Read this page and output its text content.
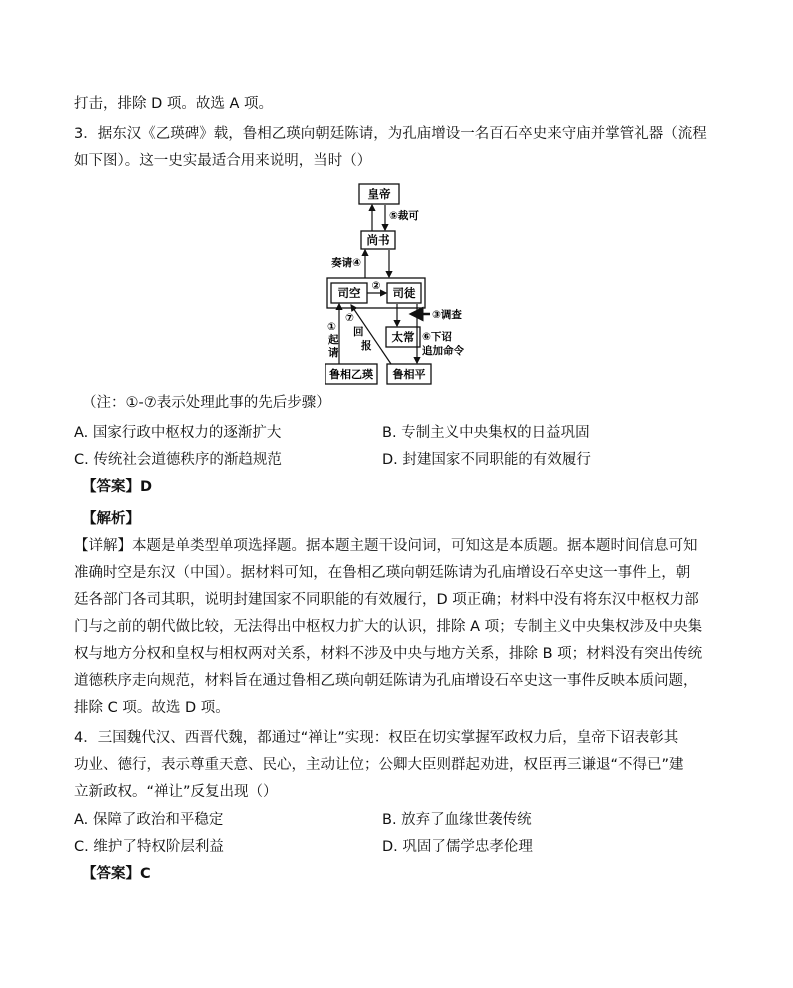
打击，排除 D 项。故选 A 项。
3．据东汉《乙瑛碑》载，鲁相乙瑛向朝廷陈请，为孔庙增设一名百石卒史来守庙并掌管礼器（流程
如下图）。这一史实最适合用来说明，当时（）
皇帝
尚书
司空	司徒
太常
鲁相乙瑛 鲁相平
⑤裁可
奏请④
②
③调查
⑥下诏
追加命令
① 起请
⑦回报
（注：①-⑦表示处理此事的先后步骤）
A. 国家行政中枢权力的逐渐扩大	B. 专制主义中央集权的日益巩固
C. 传统社会道德秩序的渐趋规范	D. 封建国家不同职能的有效履行
【答案】D
【解析】
【详解】本题是单类型单项选择题。据本题主题干设问词，可知这是本质题。据本题时间信息可知
准确时空是东汉（中国）。据材料可知，在鲁相乙瑛向朝廷陈请为孔庙增设石卒史这一事件上，朝
廷各部门各司其职，说明封建国家不同职能的有效履行，D 项正确；材料中没有将东汉中枢权力部
门与之前的朝代做比较，无法得出中枢权力扩大的认识，排除 A 项；专制主义中央集权涉及中央集
权与地方分权和皇权与相权两对关系，材料不涉及中央与地方关系，排除 B 项；材料没有突出传统
道德秩序走向规范，材料旨在通过鲁相乙瑛向朝廷陈请为孔庙增设石卒史这一事件反映本质问题，
排除 C 项。故选 D 项。
4．三国魏代汉、西晋代魏，都通过“禅让”实现：权臣在切实掌握军政权力后，皇帝下诏表彰其
功业、德行，表示尊重天意、民心，主动让位；公卿大臣则群起劝进，权臣再三谦退“不得已”建
立新政权。“禅让”反复出现（）
A. 保障了政治和平稳定	B. 放弃了血缘世袭传统
C. 维护了特权阶层利益	D. 巩固了儒学忠孝伦理
【答案】C
